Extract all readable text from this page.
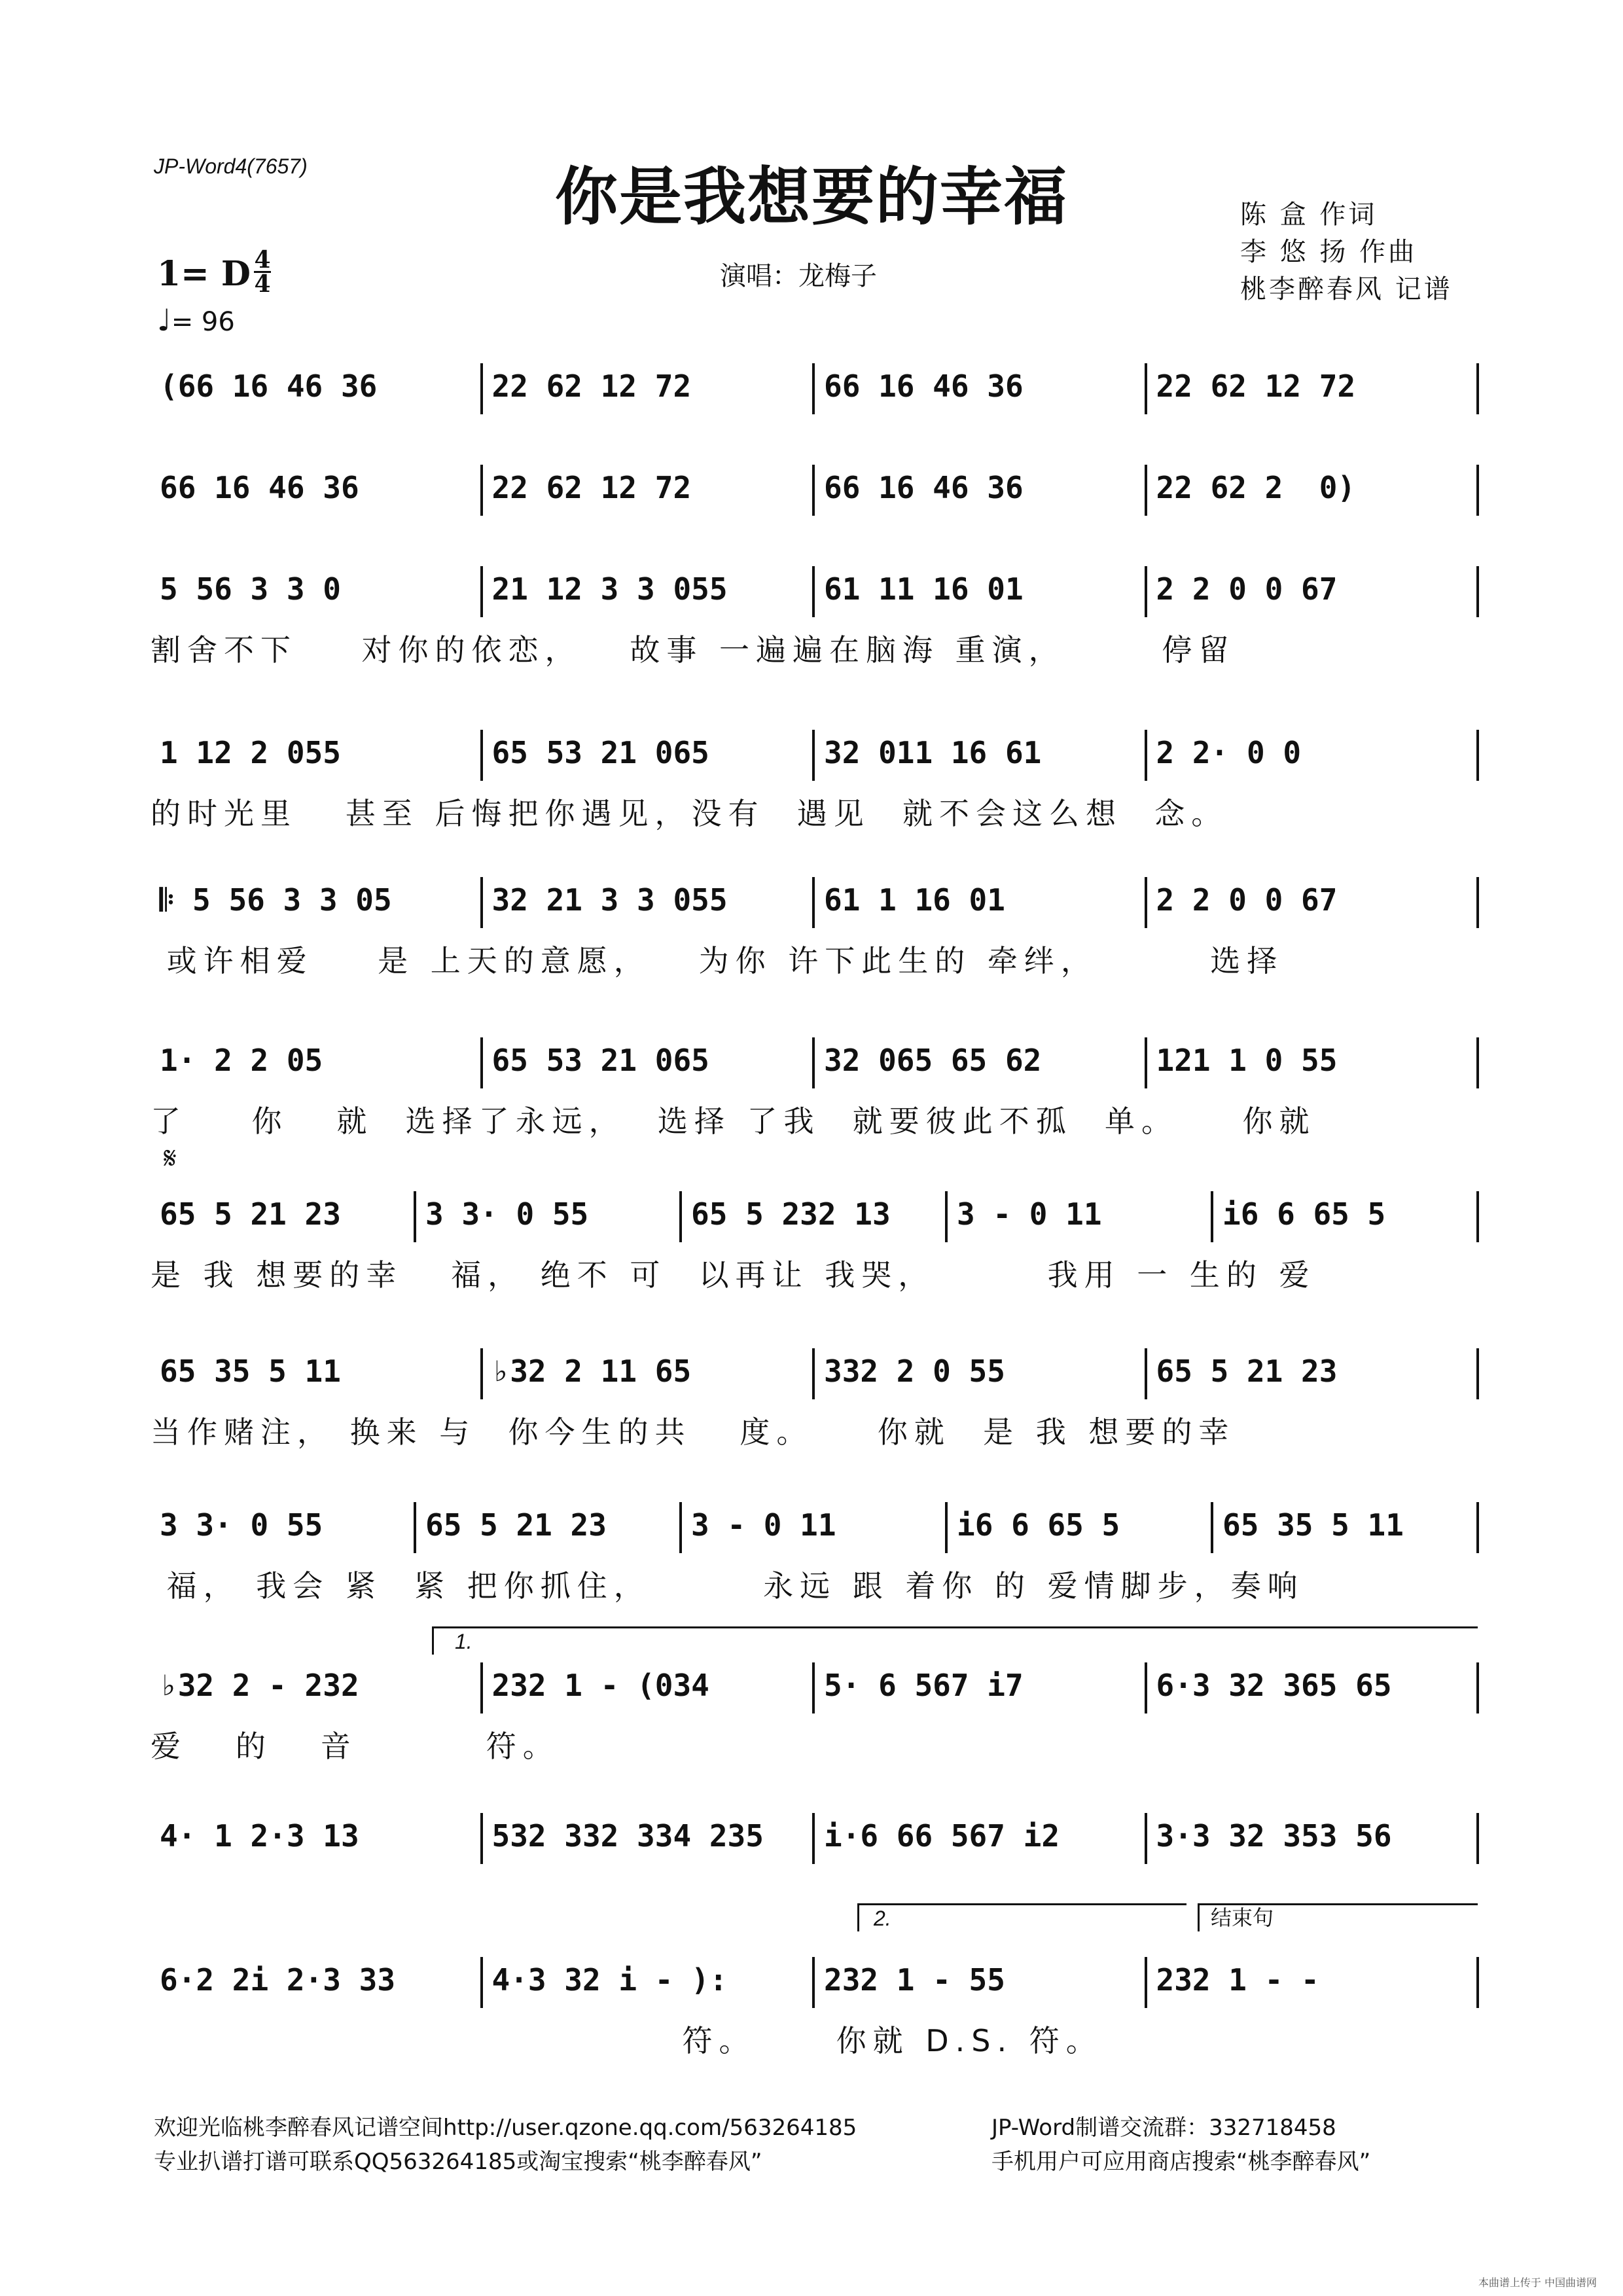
JP-Word4(7657)	你是我想要的幸福
演唱：龙梅子
陈 盒 作词
李 悠 扬 作曲
桃李醉春风 记谱
1= D 4
4
♩= 96
𝄋
(66 16 46 36	22 62 12 72	66 16 46 36	22 62 12 72
66 16 46 36	22 62 12 72	66 16 46 36	22 62 2  0)
5 56 3 3 0	21 12 3 3 055	61 11 16 01	2 2 0 0 67
割舍不下    对你的依恋，   故事 一遍遍在脑海 重演，      停留
1 12 2 055	65 53 21 065	32 011 16 61	2 2· 0 0
的时光里   甚至 后悔把你遇见，没有  遇见  就不会这么想  念。
𝄆 5 56 3 3 05	32 21 3 3 055	61 1 16 01	2 2 0 0 67
或许相爱    是 上天的意愿，   为你 许下此生的 牵绊，       选择
1· 2 2 05	65 53 21 065	32 065 65 62	121 1 0 55
了    你   就  选择了永远，  选择 了我  就要彼此不孤  单。    你就
65 5 21 23	3 3· 0 55	65 5 232 13 3 - 0 11	i6 6 65 5
是 我 想要的幸   福， 绝不 可  以再让 我哭，       我用 一 生的 爱
65 35 5 11	♭32 2 11 65	332 2 0 55	65 5 21 23
当作赌注， 换来 与  你今生的共   度。    你就  是 我 想要的幸
3 3· 0 55	65 5 21 23	3 - 0 11	i6 6 65 5	65 35 5 11
福， 我会 紧  紧 把你抓住，       永远 跟 着你 的 爱情脚步，奏响
♭32 2 - 232	232 1 - (034	5· 6 567 i7	6·3 32 365 65
爱   的   音        符。
4· 1 2·3 13	532 332 334 235 i·6 66 567 i2	3·3 32 353 56
6·2 2i 2·3 33	4·3 32 i - ):	232 1 - 55	232 1 - -
符。     你就 D.S. 符。
1.
2.	结束句
欢迎光临桃李醉春风记谱空间http://user.qzone.qq.com/563264185	JP-Word制谱交流群：332718458
专业扒谱打谱可联系QQ563264185或淘宝搜索“桃李醉春风”	手机用户可应用商店搜索“桃李醉春风”
本曲谱上传于 中国曲谱网
